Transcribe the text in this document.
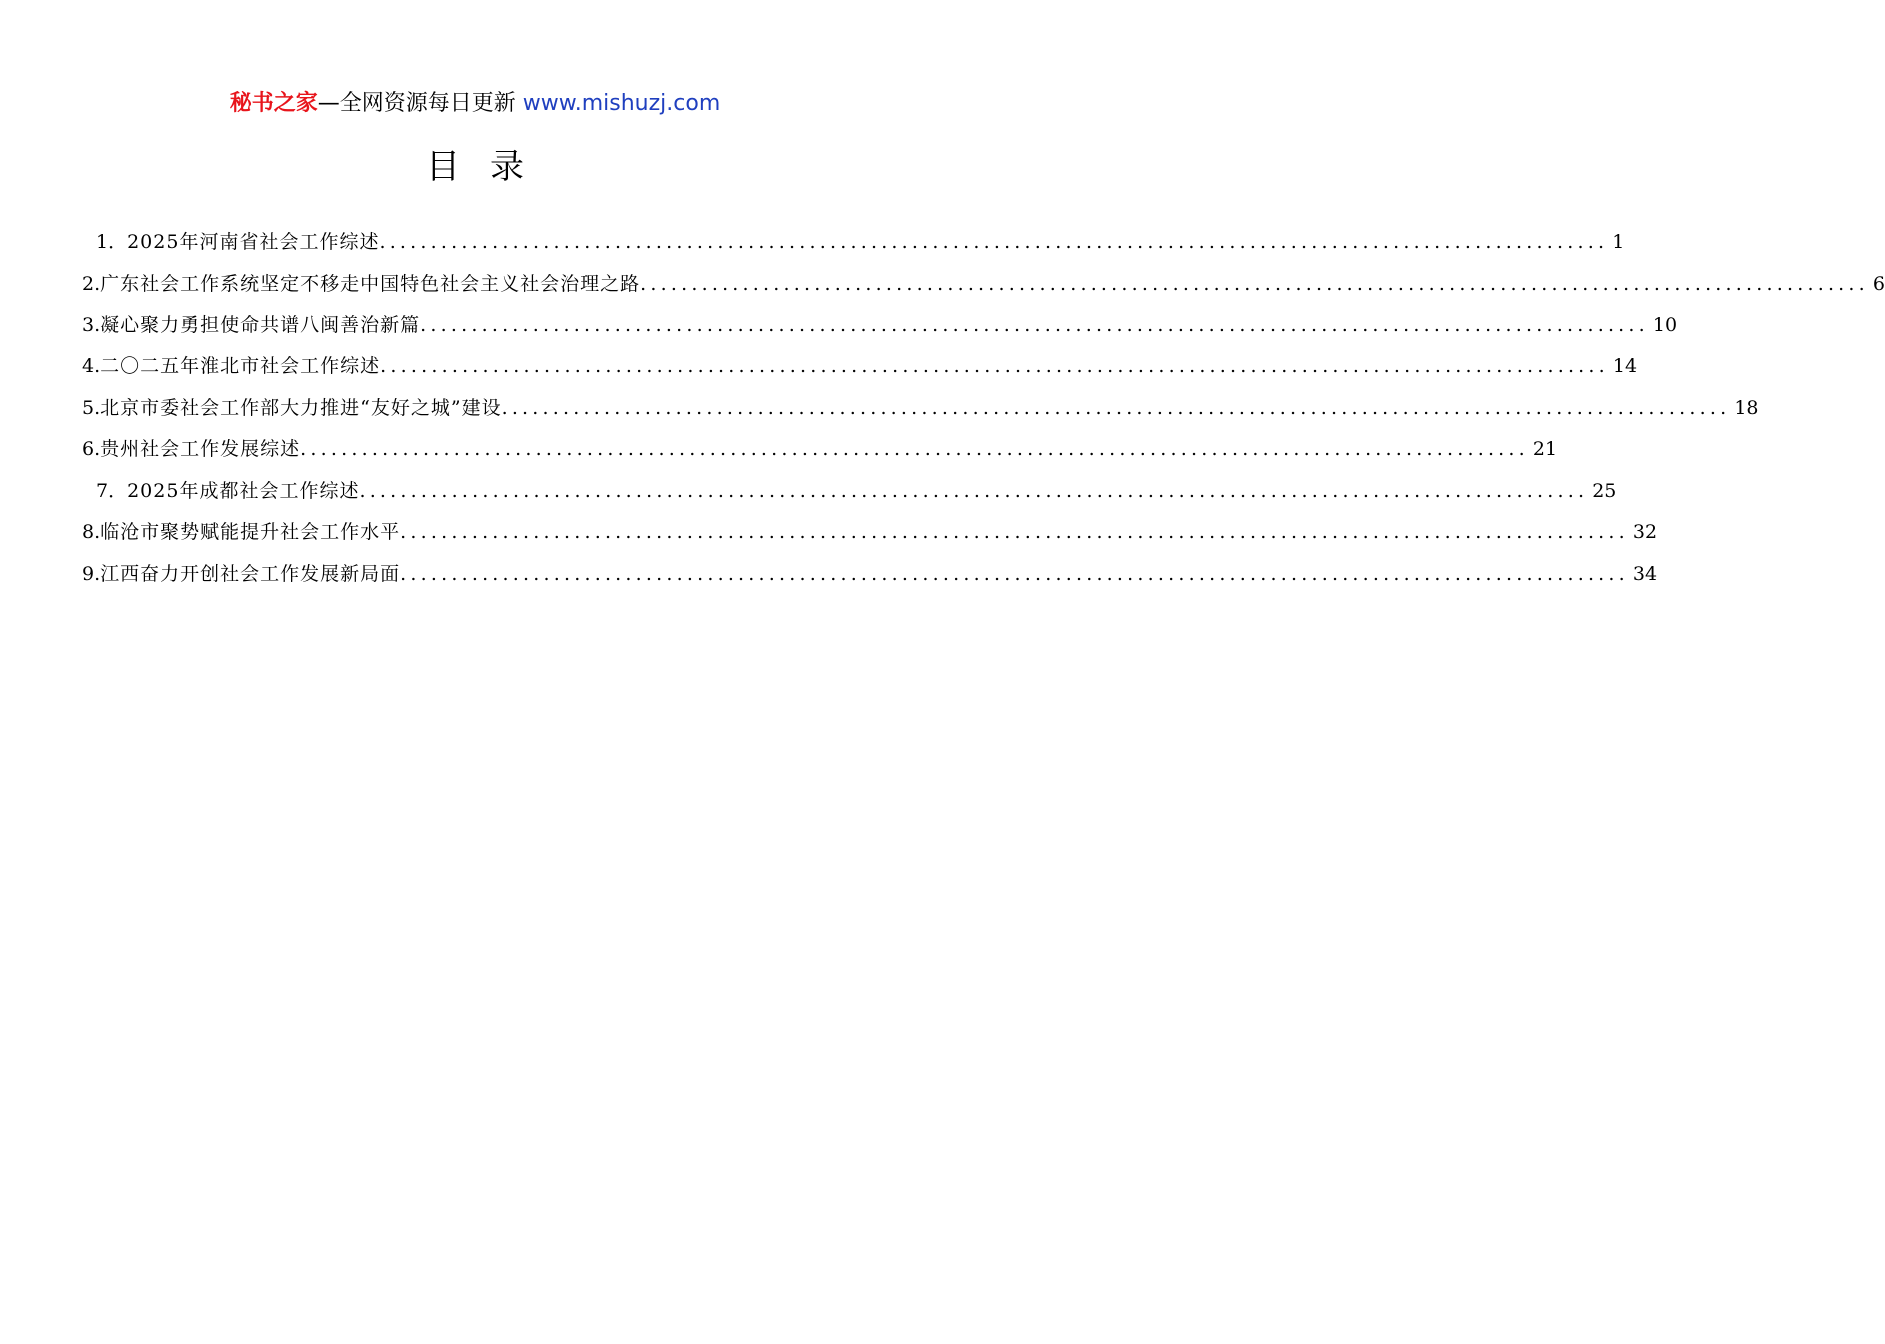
秘书之家—全网资源每日更新 www.mishuzj.com
目录
1． 2025年河南省社会工作综述 ........................................................................................................................ 1
2. 广东社会工作系统坚定不移走中国特色社会主义社会治理之路 ........................................................................................................................ 6
3. 凝心聚力勇担使命共谱八闽善治新篇 ........................................................................................................................ 10
4. 二〇二五年淮北市社会工作综述 ........................................................................................................................ 14
5. 北京市委社会工作部大力推进“友好之城”建设 ........................................................................................................................ 18
6. 贵州社会工作发展综述 ........................................................................................................................ 21
7． 2025年成都社会工作综述 ........................................................................................................................ 25
8. 临沧市聚势赋能提升社会工作水平 ........................................................................................................................ 32
9. 江西奋力开创社会工作发展新局面 ........................................................................................................................ 34
